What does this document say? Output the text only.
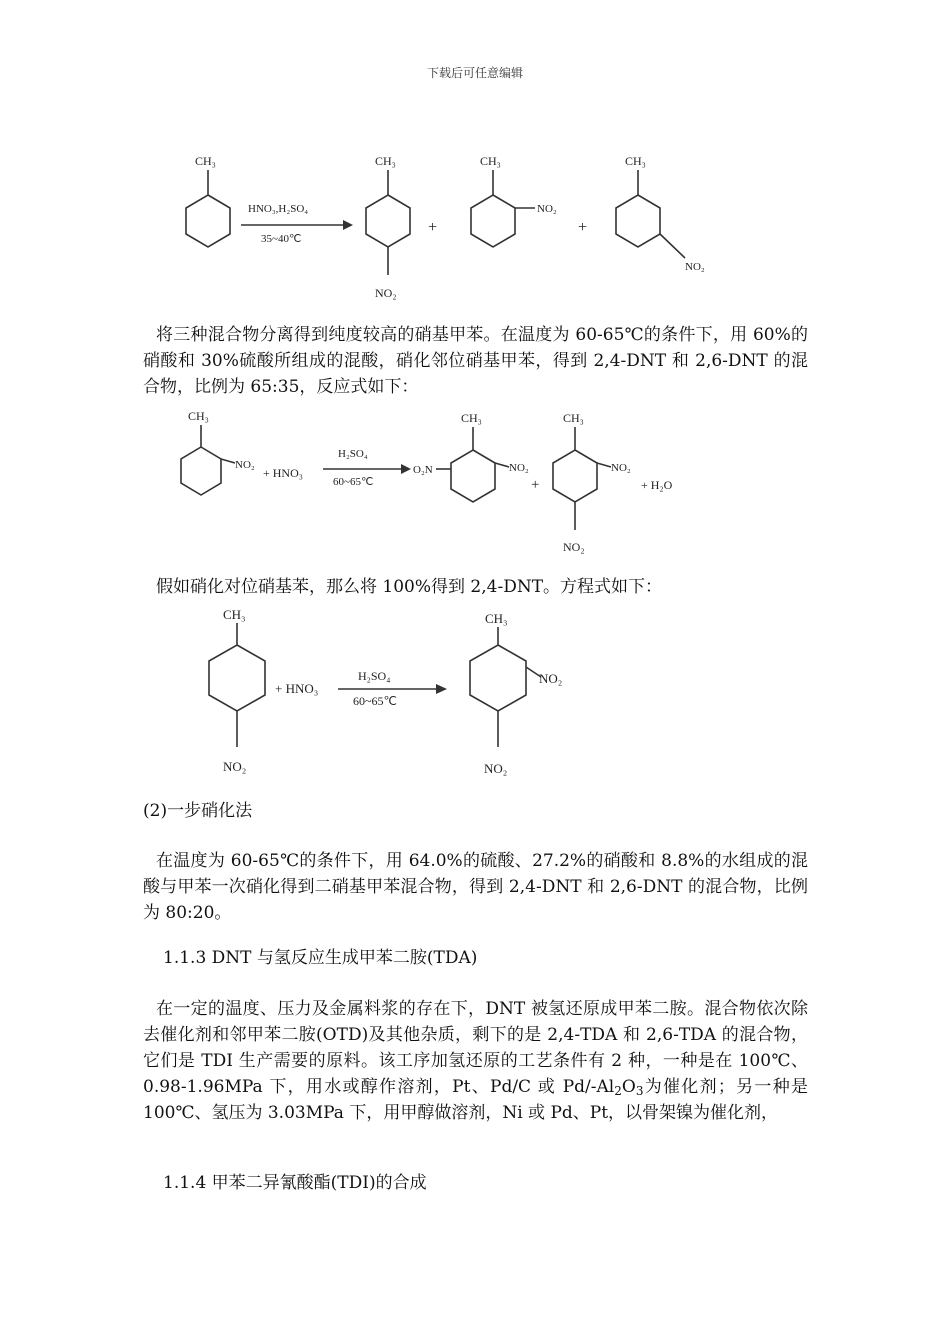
下载后可任意编辑
CH₃
HNO₃,H₂SO₄
35~40℃
CH₃
NO₂
+
CH₃
NO₂
+
CH₃
NO₂
将三种混合物分离得到纯度较高的硝基甲苯。在温度为 60-65℃的条件下，用 60%的硝酸和 30%硫酸所组成的混酸，硝化邻位硝基甲苯，得到 2,4-DNT 和 2,6-DNT 的混合物，比例为 65:35，反应式如下：
CH₃
NO₂
+ HNO₃
H₂SO₄
60~65℃
O₂N
CH₃
NO₂
+
CH₃
NO₂
NO₂
+ H₂O
假如硝化对位硝基苯，那么将 100%得到 2,4-DNT。方程式如下：
CH₃
NO₂
+ HNO₃
H₂SO₄
60~65℃
CH₃
NO₂
NO₂
(2)一步硝化法
在温度为 60-65℃的条件下，用 64.0%的硫酸、27.2%的硝酸和 8.8%的水组成的混酸与甲苯一次硝化得到二硝基甲苯混合物，得到 2,4-DNT 和 2,6-DNT 的混合物，比例为 80:20。
1.1.3 DNT 与氢反应生成甲苯二胺(TDA)
在一定的温度、压力及金属料浆的存在下，DNT 被氢还原成甲苯二胺。混合物依次除去催化剂和邻甲苯二胺(OTD)及其他杂质，剩下的是 2,4-TDA 和 2,6-TDA 的混合物，它们是 TDI 生产需要的原料。该工序加氢还原的工艺条件有 2 种，一种是在 100℃、0.98-1.96MPa 下，用水或醇作溶剂，Pt、Pd/C 或 $Pd/-Al_2O_3$为催化剂；另一种是 100℃、氢压为 3.03MPa 下，用甲醇做溶剂，Ni 或 Pd、Pt，以骨架镍为催化剂，
1.1.4 甲苯二异氰酸酯(TDI)的合成
